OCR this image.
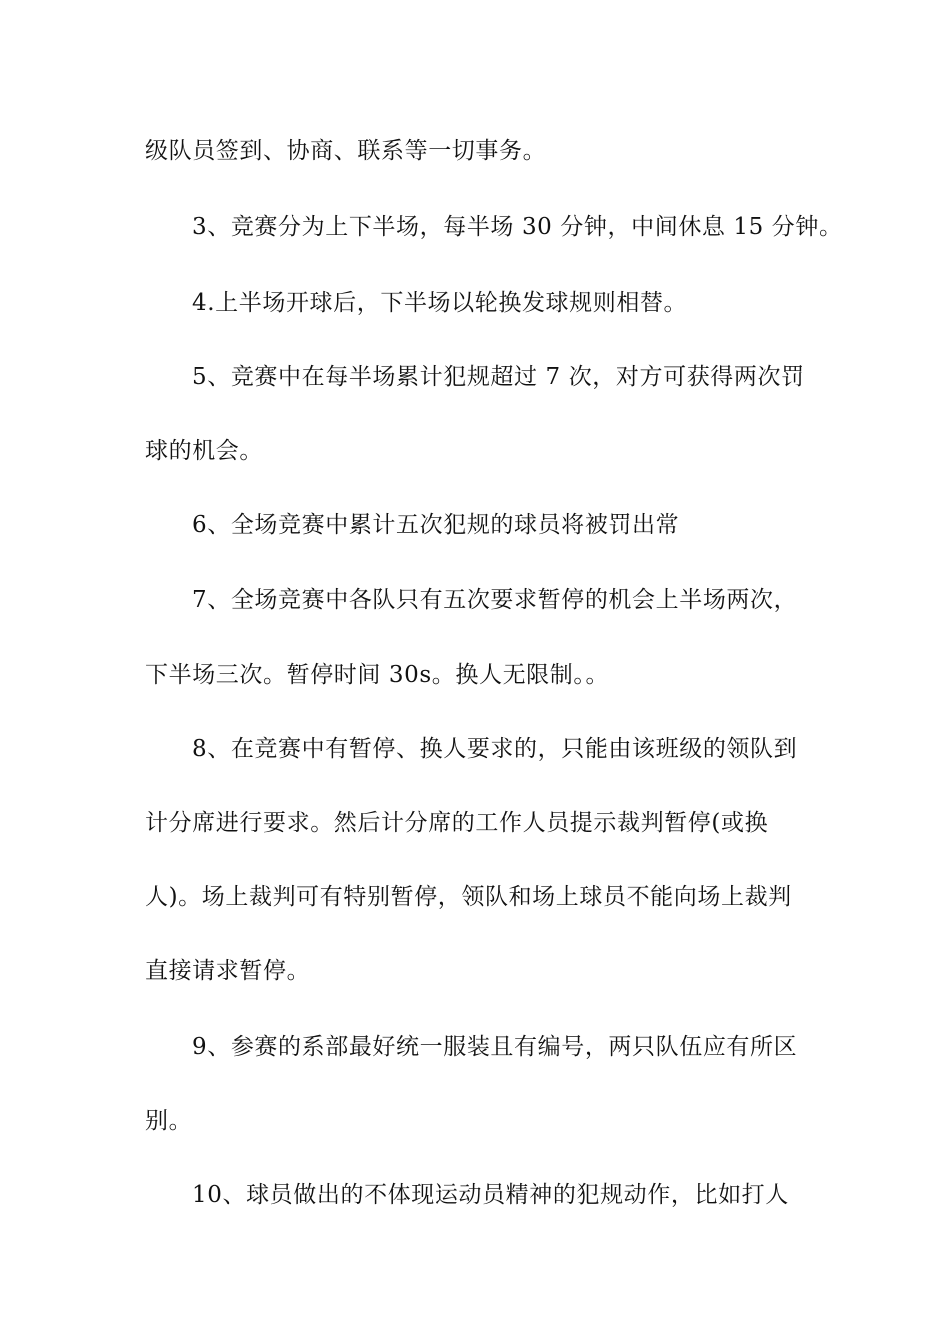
级队员签到、协商、联系等一切事务。
3、竞赛分为上下半场，每半场 30 分钟，中间休息 15 分钟。
4.上半场开球后，下半场以轮换发球规则相替。
5、竞赛中在每半场累计犯规超过 7 次，对方可获得两次罚
球的机会。
6、全场竞赛中累计五次犯规的球员将被罚出常
7、全场竞赛中各队只有五次要求暂停的机会上半场两次，
下半场三次。暂停时间 30s。换人无限制。。
8、在竞赛中有暂停、换人要求的，只能由该班级的领队到
计分席进行要求。然后计分席的工作人员提示裁判暂停(或换
人)。场上裁判可有特别暂停，领队和场上球员不能向场上裁判
直接请求暂停。
9、参赛的系部最好统一服装且有编号，两只队伍应有所区
别。
10、球员做出的不体现运动员精神的犯规动作，比如打人
